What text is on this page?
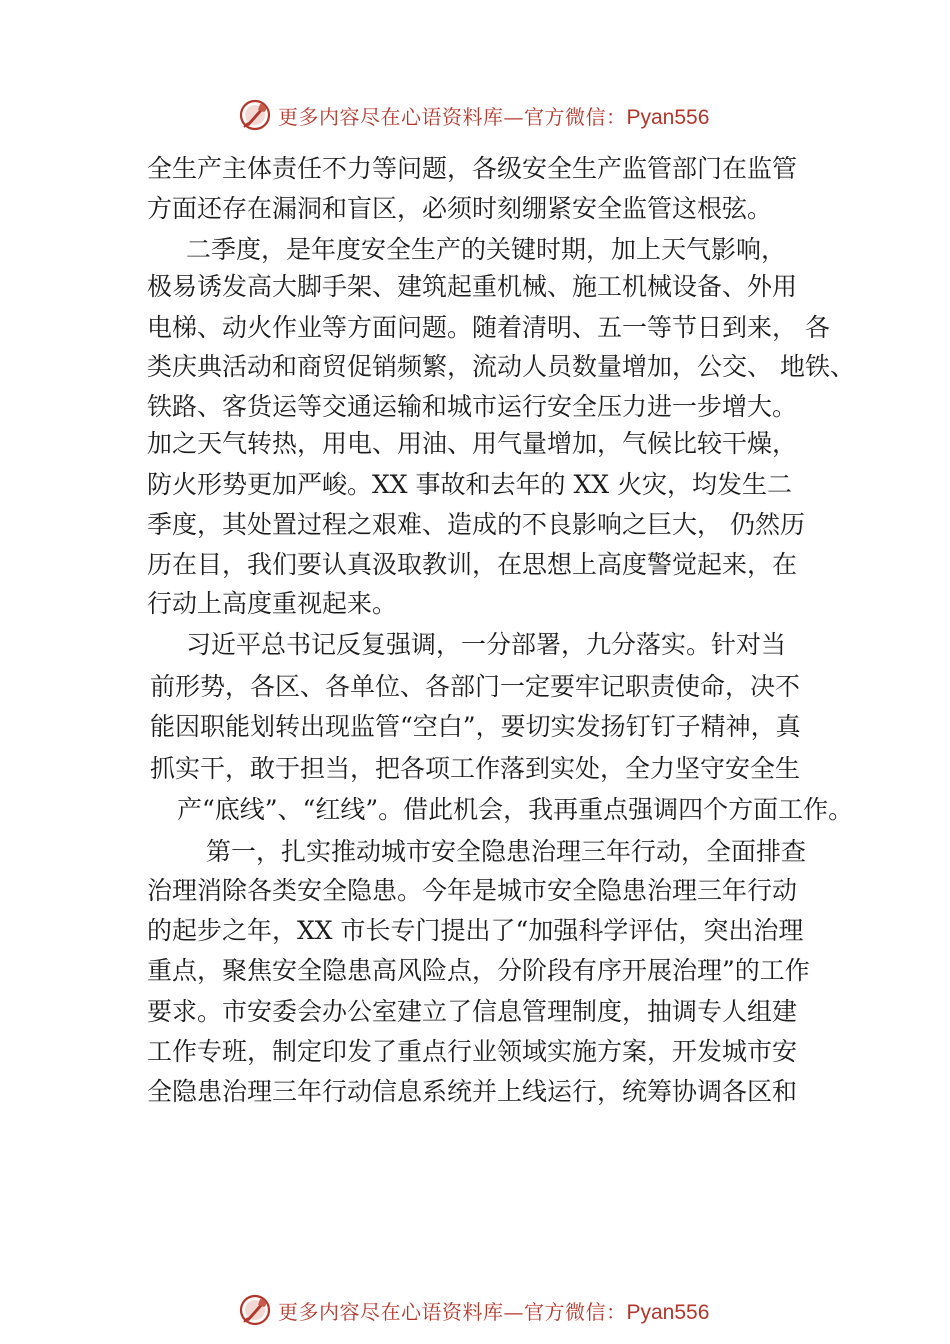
更多内容尽在心语资料库—官方微信：Pyan556
全生产主体责任不力等问题，各级安全生产监管部门在监管
方面还存在漏洞和盲区，必须时刻绷紧安全监管这根弦。
二季度，是年度安全生产的关键时期，加上天气影响，
极易诱发高大脚手架、建筑起重机械、施工机械设备、外用
电梯、动火作业等方面问题。随着清明、五一等节日到来， 各
类庆典活动和商贸促销频繁，流动人员数量增加，公交、 地铁、
铁路、客货运等交通运输和城市运行安全压力进一步增大。
加之天气转热，用电、用油、用气量增加，气候比较干燥，
防火形势更加严峻。XX 事故和去年的 XX 火灾，均发生二
季度，其处置过程之艰难、造成的不良影响之巨大， 仍然历
历在目，我们要认真汲取教训，在思想上高度警觉起来，在
行动上高度重视起来。
习近平总书记反复强调，一分部署，九分落实。针对当
前形势，各区、各单位、各部门一定要牢记职责使命，决不
能因职能划转出现监管“空白”，要切实发扬钉钉子精神，真
抓实干，敢于担当，把各项工作落到实处，全力坚守安全生
产“底线”、“红线”。借此机会，我再重点强调四个方面工作。
第一，扎实推动城市安全隐患治理三年行动，全面排查
治理消除各类安全隐患。今年是城市安全隐患治理三年行动
的起步之年，XX 市长专门提出了“加强科学评估，突出治理
重点，聚焦安全隐患高风险点，分阶段有序开展治理”的工作
要求。市安委会办公室建立了信息管理制度，抽调专人组建
工作专班，制定印发了重点行业领域实施方案，开发城市安
全隐患治理三年行动信息系统并上线运行，统筹协调各区和
更多内容尽在心语资料库—官方微信：Pyan556
